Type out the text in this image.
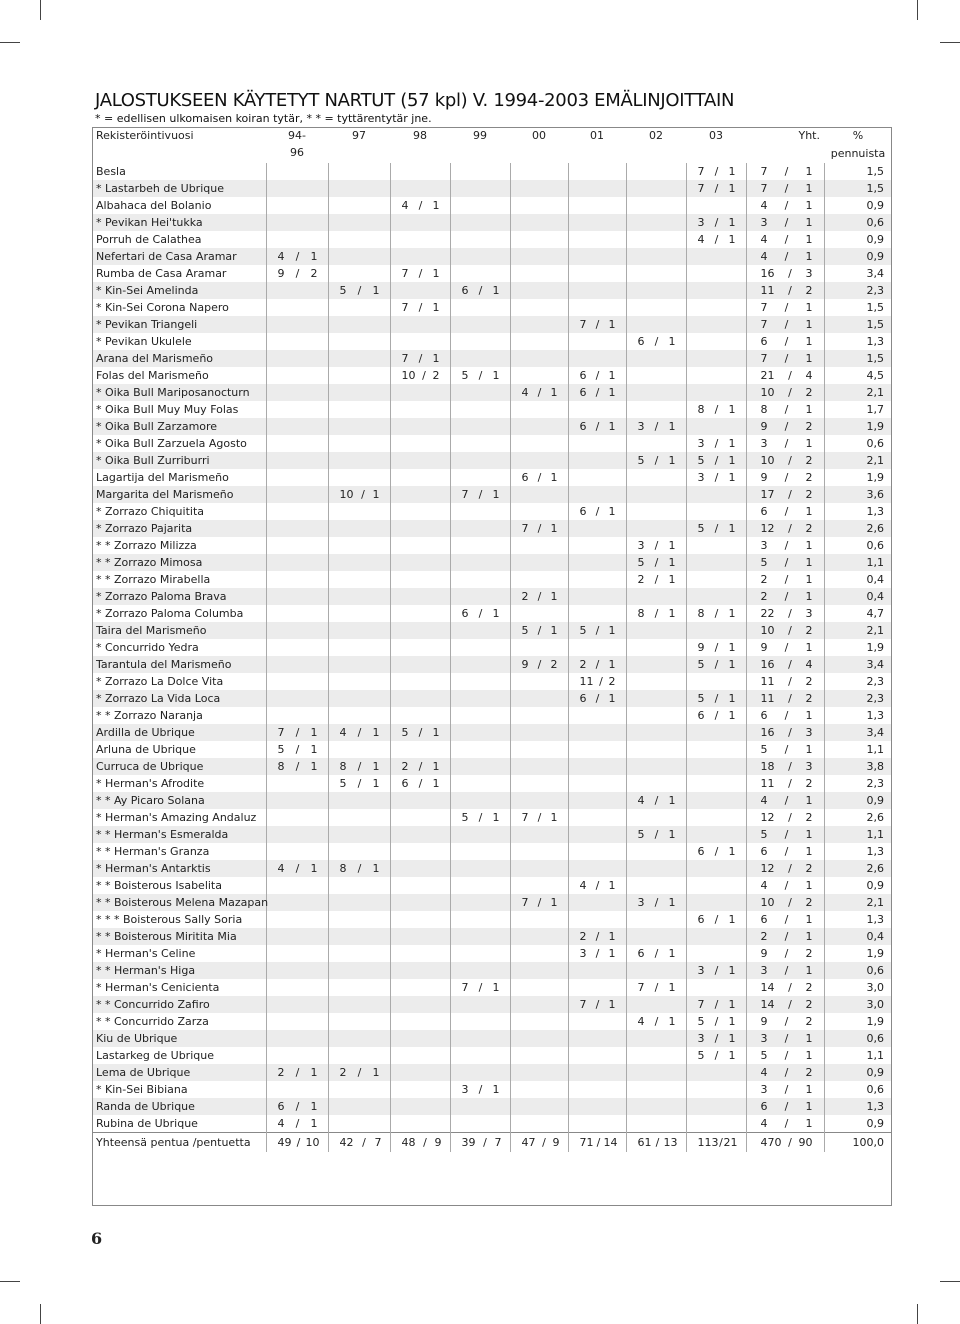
JALOSTUKSEEN KÄYTETYT NARTUT (57 kpl) V. 1994-2003 EMÄLINJOITTAIN
* = edellisen ulkomaisen koiran tytär, * * = tyttärentytär jne.
Rekisteröintivuosi	94-
96	97	98	99	00	01	02	03	Yht.	%
pennuista
Besla								7 / 1	7 / 1	1,5
* Lastarbeh de Ubrique								7 / 1	7 / 1	1,5
Albahaca del Bolanio			4 / 1						4 / 1	0,9
* Pevikan Hei'tukka								3 / 1	3 / 1	0,6
Porruh de Calathea								4 / 1	4 / 1	0,9
Nefertari de Casa Aramar	4 / 1								4 / 1	0,9
Rumba de Casa Aramar	9 / 2		7 / 1						16 / 3	3,4
* Kin-Sei Amelinda		5 / 1		6 / 1					11 / 2	2,3
* Kin-Sei Corona Napero			7 / 1						7 / 1	1,5
* Pevikan Triangeli						7 / 1			7 / 1	1,5
* Pevikan Ukulele							6 / 1		6 / 1	1,3
Arana del Marismeño			7 / 1						7 / 1	1,5
Folas del Marismeño			10 / 2	5 / 1		6 / 1			21 / 4	4,5
* Oika Bull Mariposanocturn					4 / 1	6 / 1			10 / 2	2,1
* Oika Bull Muy Muy Folas								8 / 1	8 / 1	1,7
* Oika Bull Zarzamore						6 / 1	3 / 1		9 / 2	1,9
* Oika Bull Zarzuela Agosto								3 / 1	3 / 1	0,6
* Oika Bull Zurriburri							5 / 1	5 / 1	10 / 2	2,1
Lagartija del Marismeño					6 / 1			3 / 1	9 / 2	1,9
Margarita del Marismeño		10 / 1		7 / 1					17 / 2	3,6
* Zorrazo Chiquitita						6 / 1			6 / 1	1,3
* Zorrazo Pajarita					7 / 1			5 / 1	12 / 2	2,6
* * Zorrazo Milizza							3 / 1		3 / 1	0,6
* * Zorrazo Mimosa							5 / 1		5 / 1	1,1
* * Zorrazo Mirabella							2 / 1		2 / 1	0,4
* Zorrazo Paloma Brava					2 / 1				2 / 1	0,4
* Zorrazo Paloma Columba				6 / 1			8 / 1	8 / 1	22 / 3	4,7
Taira del Marismeño					5 / 1	5 / 1			10 / 2	2,1
* Concurrido Yedra								9 / 1	9 / 1	1,9
Tarantula del Marismeño					9 / 2	2 / 1		5 / 1	16 / 4	3,4
* Zorrazo La Dolce Vita						11 / 2			11 / 2	2,3
* Zorrazo La Vida Loca						6 / 1		5 / 1	11 / 2	2,3
* * Zorrazo Naranja								6 / 1	6 / 1	1,3
Ardilla de Ubrique	7 / 1	4 / 1	5 / 1						16 / 3	3,4
Arluna de Ubrique	5 / 1								5 / 1	1,1
Curruca de Ubrique	8 / 1	8 / 1	2 / 1						18 / 3	3,8
* Herman's Afrodite		5 / 1	6 / 1						11 / 2	2,3
* * Ay Picaro Solana							4 / 1		4 / 1	0,9
* Herman's Amazing Andaluz				5 / 1	7 / 1				12 / 2	2,6
* * Herman's Esmeralda							5 / 1		5 / 1	1,1
* * Herman's Granza								6 / 1	6 / 1	1,3
* Herman's Antarktis	4 / 1	8 / 1							12 / 2	2,6
* * Boisterous Isabelita						4 / 1			4 / 1	0,9
* * Boisterous Melena Mazapan					7 / 1		3 / 1		10 / 2	2,1
* * * Boisterous Sally Soria								6 / 1	6 / 1	1,3
* * Boisterous Miritita Mia						2 / 1			2 / 1	0,4
* Herman's Celine						3 / 1	6 / 1		9 / 2	1,9
* * Herman's Higa								3 / 1	3 / 1	0,6
* Herman's Cenicienta				7 / 1			7 / 1		14 / 2	3,0
* * Concurrido Zafiro						7 / 1		7 / 1	14 / 2	3,0
* * Concurrido Zarza							4 / 1	5 / 1	9 / 2	1,9
Kiu de Ubrique								3 / 1	3 / 1	0,6
Lastarkeg de Ubrique								5 / 1	5 / 1	1,1
Lema de Ubrique	2 / 1	2 / 1							4 / 2	0,9
* Kin-Sei Bibiana				3 / 1					3 / 1	0,6
Randa de Ubrique	6 / 1								6 / 1	1,3
Rubina de Ubrique	4 / 1								4 / 1	0,9
Yhteensä pentua /pentuetta	49 / 10	42 / 7	48 / 9	39 / 7	47 / 9	71 / 14	61 / 13	113 / 21	470 / 90	100,0
6
